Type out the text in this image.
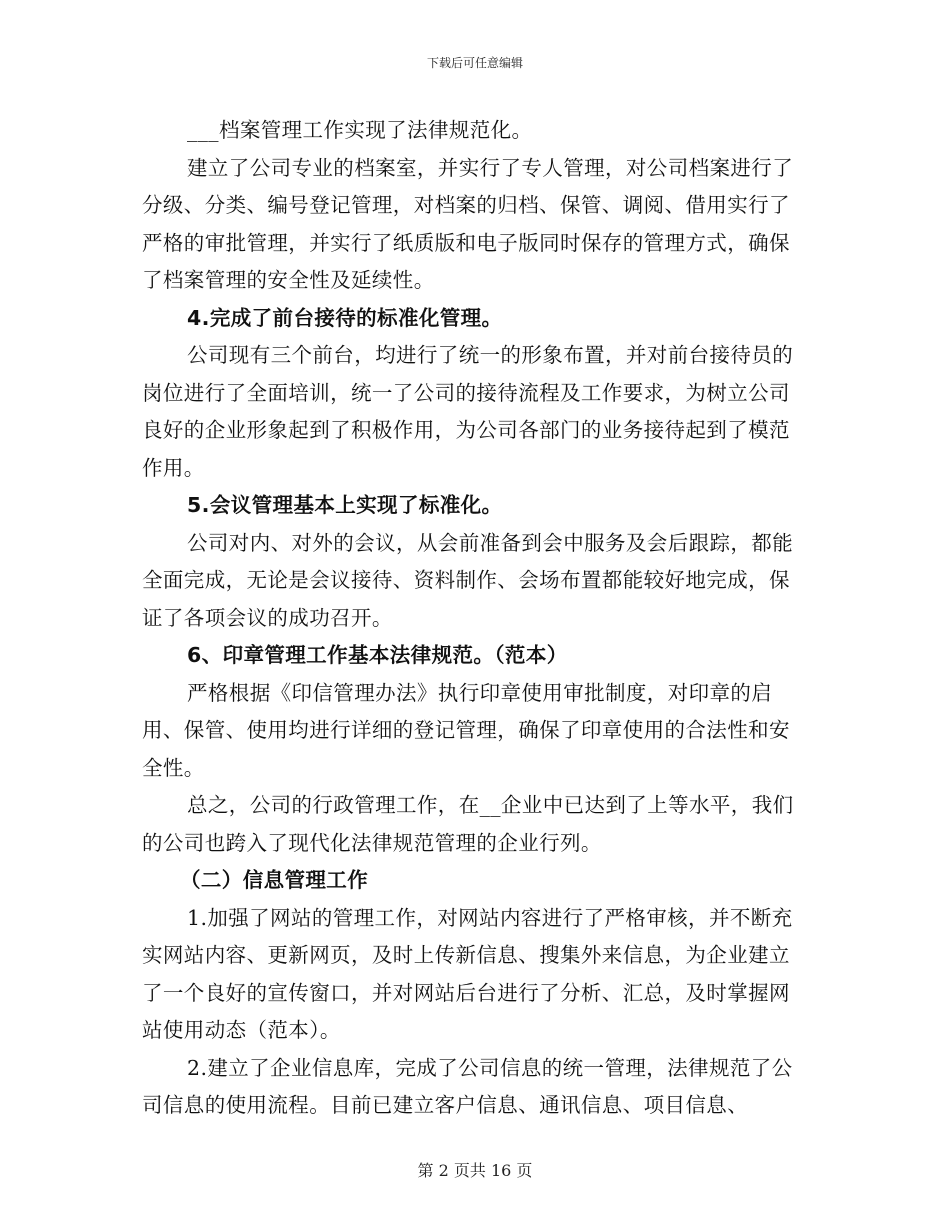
下载后可任意编辑

___档案管理工作实现了法律规范化。

建立了公司专业的档案室，并实行了专人管理，对公司档案进行了分级、分类、编号登记管理，对档案的归档、保管、调阅、借用实行了严格的审批管理，并实行了纸质版和电子版同时保存的管理方式，确保了档案管理的安全性及延续性。

4.完成了前台接待的标准化管理。

公司现有三个前台，均进行了统一的形象布置，并对前台接待员的岗位进行了全面培训，统一了公司的接待流程及工作要求，为树立公司良好的企业形象起到了积极作用，为公司各部门的业务接待起到了模范作用。

5.会议管理基本上实现了标准化。

公司对内、对外的会议，从会前准备到会中服务及会后跟踪，都能全面完成，无论是会议接待、资料制作、会场布置都能较好地完成，保证了各项会议的成功召开。

6、印章管理工作基本法律规范。（范本）

严格根据《印信管理办法》执行印章使用审批制度，对印章的启用、保管、使用均进行详细的登记管理，确保了印章使用的合法性和安全性。

总之，公司的行政管理工作，在__企业中已达到了上等水平，我们的公司也跨入了现代化法律规范管理的企业行列。

（二）信息管理工作

1.加强了网站的管理工作，对网站内容进行了严格审核，并不断充实网站内容、更新网页，及时上传新信息、搜集外来信息，为企业建立了一个良好的宣传窗口，并对网站后台进行了分析、汇总，及时掌握网站使用动态（范本）。

2.建立了企业信息库，完成了公司信息的统一管理，法律规范了公司信息的使用流程。目前已建立客户信息、通讯信息、项目信息、

第 2 页共 16 页
